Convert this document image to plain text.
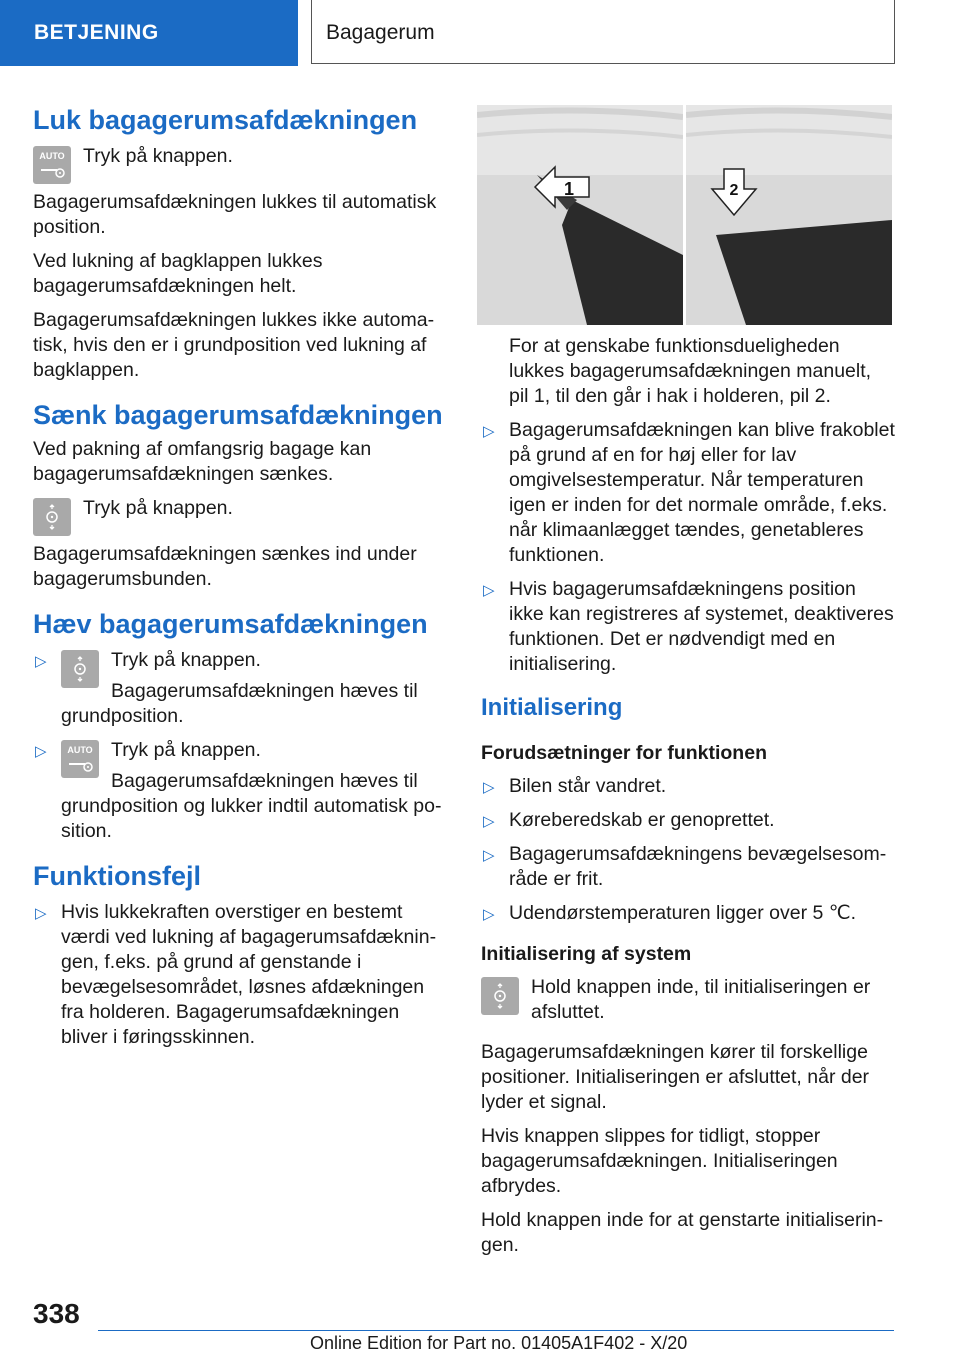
BETJENING	Bagagerum
Luk bagagerumsafdækningen
AUTO Tryk på knappen.

Bagagerumsafdækningen lukkes til automatisk position.

Ved lukning af bagklappen lukkes bagagerumsafdækningen helt.

Bagagerumsafdækningen lukkes ikke automatisk, hvis den er i grundposition ved lukning af bagklappen.

Sænk bagagerumsafdækningen

Ved pakning af omfangsrig bagage kan bagagerumsafdækningen sænkes.

Tryk på knappen.

Bagagerumsafdækningen sænkes ind under bagagerumsbunden.

Hæv bagagerumsafdækningen
▷	Tryk på knappen.
Bagagerumsafdækningen hæves til grundposition.
▷ AUTO Tryk på knappen.
Bagagerumsafdækningen hæves til grundposition og lukker indtil automatisk position.
Funktionsfejl
▷ Hvis lukkekraften overstiger en bestemt værdi ved lukning af bagagerumsafdækningen, f.eks. på grund af genstande i bevægelsesområdet, løsnes afdækningen fra holderen. Bagagerumsafdækningen bliver i føringsskinnen.
1	2
For at genskabe funktionsdueligheden lukkes bagagerumsafdækningen manuelt, pil 1, til den går i hak i holderen, pil 2.
▷ Bagagerumsafdækningen kan blive frakoblet på grund af en for høj eller for lav omgivelsestemperatur. Når temperaturen igen er inden for det normale område, f.eks. når klimaanlægget tændes, genetableres funktionen.
▷ Hvis bagagerumsafdækningens position ikke kan registreres af systemet, deaktiveres funktionen. Det er nødvendigt med en initialisering.
Initialisering
Forudsætninger for funktionen
▷ Bilen står vandret.
▷ Køreberedskab er genoprettet.
▷ Bagagerumsafdækningens bevægelsesområde er frit.
▷ Udendørstemperaturen ligger over 5 ℃.
Initialisering af system

Hold knappen inde, til initialiseringen er afsluttet.

Bagagerumsafdækningen kører til forskellige positioner. Initialiseringen er afsluttet, når der lyder et signal.

Hvis knappen slippes for tidligt, stopper bagagerumsafdækningen. Initialiseringen afbrydes.

Hold knappen inde for at genstarte initialiseringen.

338
Online Edition for Part no. 01405A1F402 - X/20
